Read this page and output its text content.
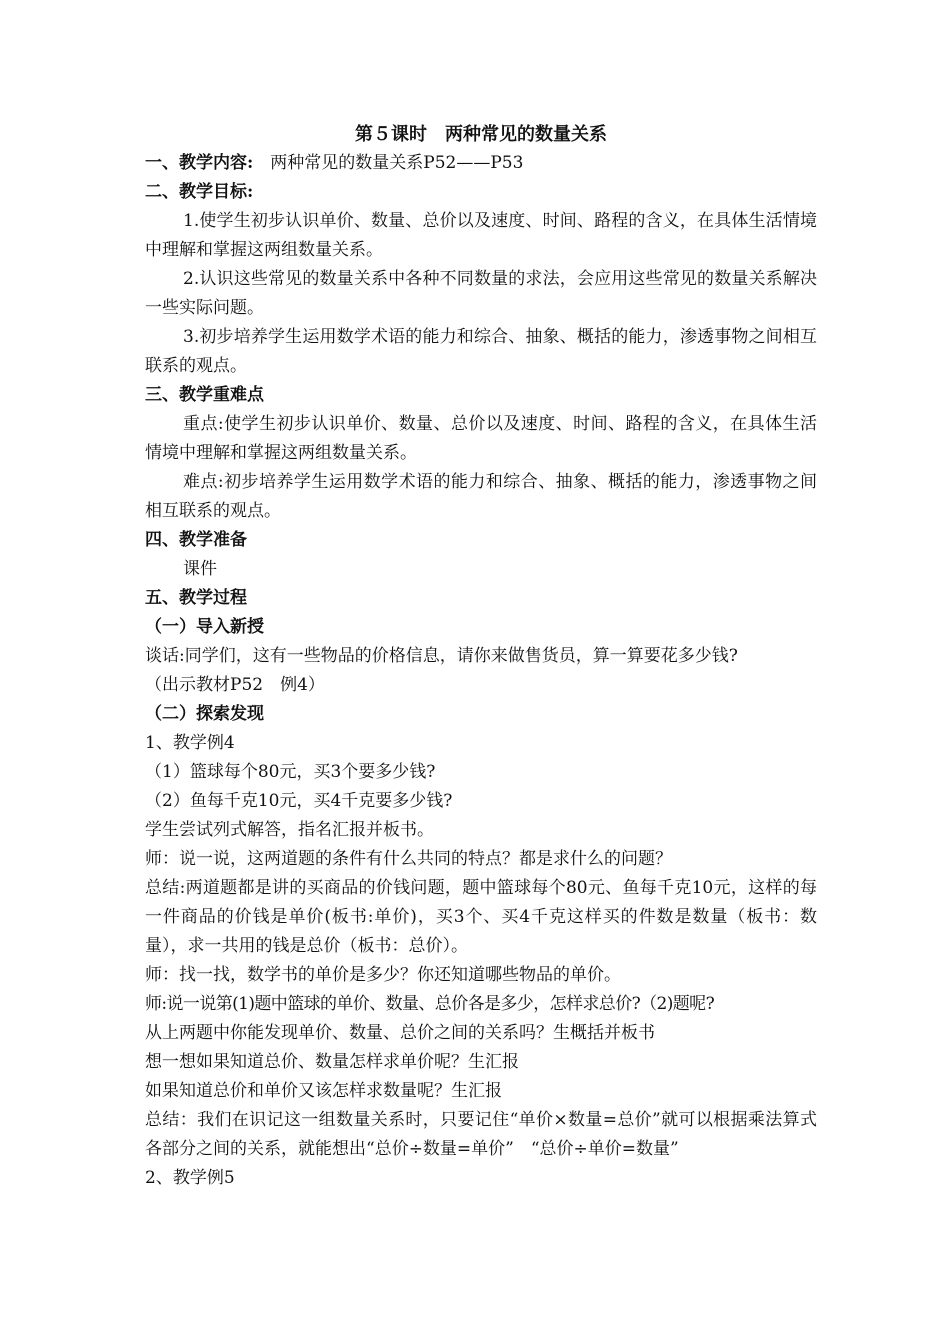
第５课时　两种常见的数量关系

一、教学内容:　两种常见的数量关系P52——P53

二、教学目标:

1.使学生初步认识单价、数量、总价以及速度、时间、路程的含义，在具体生活情境中理解和掌握这两组数量关系。

2.认识这些常见的数量关系中各种不同数量的求法，会应用这些常见的数量关系解决一些实际问题。

3.初步培养学生运用数学术语的能力和综合、抽象、概括的能力，渗透事物之间相互联系的观点。

三、教学重难点

重点:使学生初步认识单价、数量、总价以及速度、时间、路程的含义，在具体生活情境中理解和掌握这两组数量关系。

难点:初步培养学生运用数学术语的能力和综合、抽象、概括的能力，渗透事物之间相互联系的观点。

四、教学准备

课件

五、教学过程

（一）导入新授

谈话:同学们，这有一些物品的价格信息，请你来做售货员，算一算要花多少钱?

（出示教材P52　例4）

（二）探索发现

1、教学例4

（1）篮球每个80元，买3个要多少钱?

（2）鱼每千克10元，买4千克要多少钱?

学生尝试列式解答，指名汇报并板书。

师：说一说，这两道题的条件有什么共同的特点？都是求什么的问题？

总结:两道题都是讲的买商品的价钱问题，题中篮球每个80元、鱼每千克10元，这样的每一件商品的价钱是单价(板书:单价)，买3个、买4千克这样买的件数是数量（板书：数量），求一共用的钱是总价（板书：总价）。

师：找一找，数学书的单价是多少？你还知道哪些物品的单价。

师:说一说第(1)题中篮球的单价、数量、总价各是多少，怎样求总价?（2)题呢?

从上两题中你能发现单价、数量、总价之间的关系吗？生概括并板书

想一想如果知道总价、数量怎样求单价呢？生汇报

如果知道总价和单价又该怎样求数量呢？生汇报

总结：我们在识记这一组数量关系时，只要记住“单价×数量=总价”就可以根据乘法算式各部分之间的关系，就能想出“总价÷数量=单价”　“总价÷单价=数量”

2、教学例5
